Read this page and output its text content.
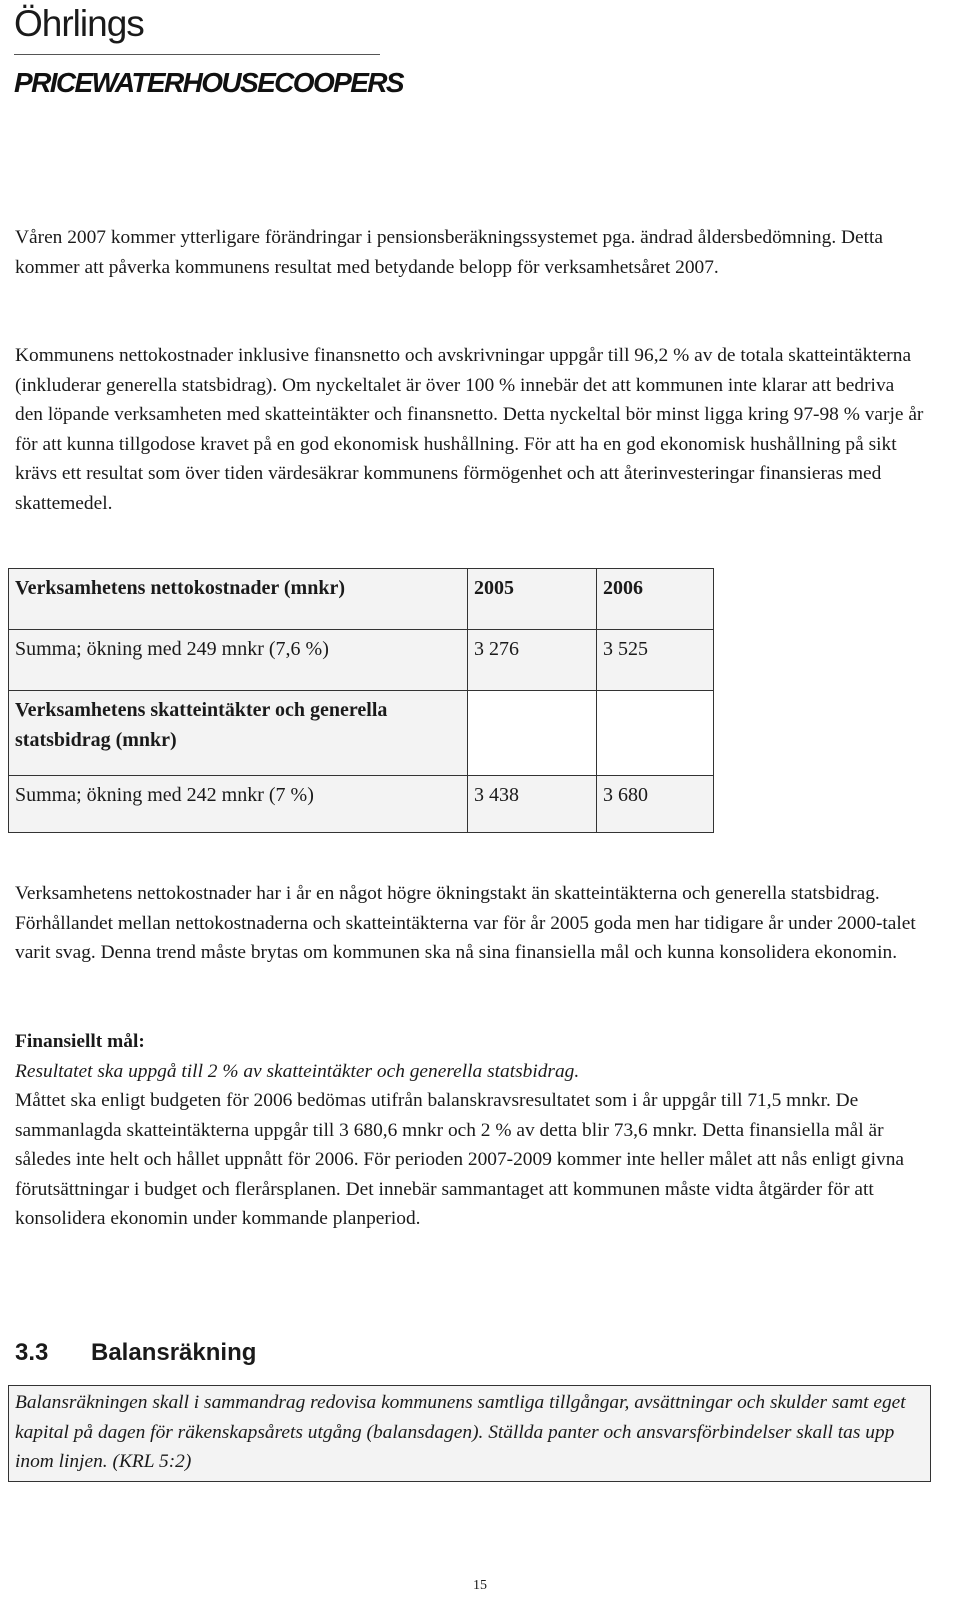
Öhrlings
PRICEWATERHOUSECOOPERS

Våren 2007 kommer ytterligare förändringar i pensionsberäkningssystemet pga. ändrad åldersbedömning. Detta kommer att påverka kommunens resultat med betydande belopp för verksamhetsåret 2007.

Kommunens nettokostnader inklusive finansnetto och avskrivningar uppgår till 96,2 % av de totala skatteintäkterna (inkluderar generella statsbidrag). Om nyckeltalet är över 100 % innebär det att kommunen inte klarar att bedriva den löpande verksamheten med skatteintäkter och finansnetto. Detta nyckeltal bör minst ligga kring 97-98 % varje år för att kunna tillgodose kravet på en god ekonomisk hushållning. För att ha en god ekonomisk hushållning på sikt krävs ett resultat som över tiden värdesäkrar kommunens förmögenhet och att återinvesteringar finansieras med skattemedel.

Verksamhetens nettokostnader (mnkr)	2005	2006
Summa; ökning med 249 mnkr (7,6 %)	3 276	3 525
Verksamhetens skatteintäkter och generella statsbidrag (mnkr)		
Summa; ökning med 242 mnkr (7 %)	3 438	3 680

Verksamhetens nettokostnader har i år en något högre ökningstakt än skatteintäkterna och generella statsbidrag. Förhållandet mellan nettokostnaderna och skatteintäkterna var för år 2005 goda men har tidigare år under 2000-talet varit svag. Denna trend måste brytas om kommunen ska nå sina finansiella mål och kunna konsolidera ekonomin.

Finansiellt mål:

Resultatet ska uppgå till 2 % av skatteintäkter och generella statsbidrag.

Måttet ska enligt budgeten för 2006 bedömas utifrån balanskravsresultatet som i år uppgår till 71,5 mnkr. De sammanlagda skatteintäkterna uppgår till 3 680,6 mnkr och 2 % av detta blir 73,6 mnkr. Detta finansiella mål är således inte helt och hållet uppnått för 2006. För perioden 2007-2009 kommer inte heller målet att nås enligt givna förutsättningar i budget och flerårsplanen. Det innebär sammantaget att kommunen måste vidta åtgärder för att konsolidera ekonomin under kommande planperiod.

3.3 Balansräkning
Balansräkningen skall i sammandrag redovisa kommunens samtliga tillgångar, avsättningar och skulder samt eget kapital på dagen för räkenskapsårets utgång (balansdagen). Ställda panter och ansvarsförbindelser skall tas upp inom linjen. (KRL 5:2)
15
